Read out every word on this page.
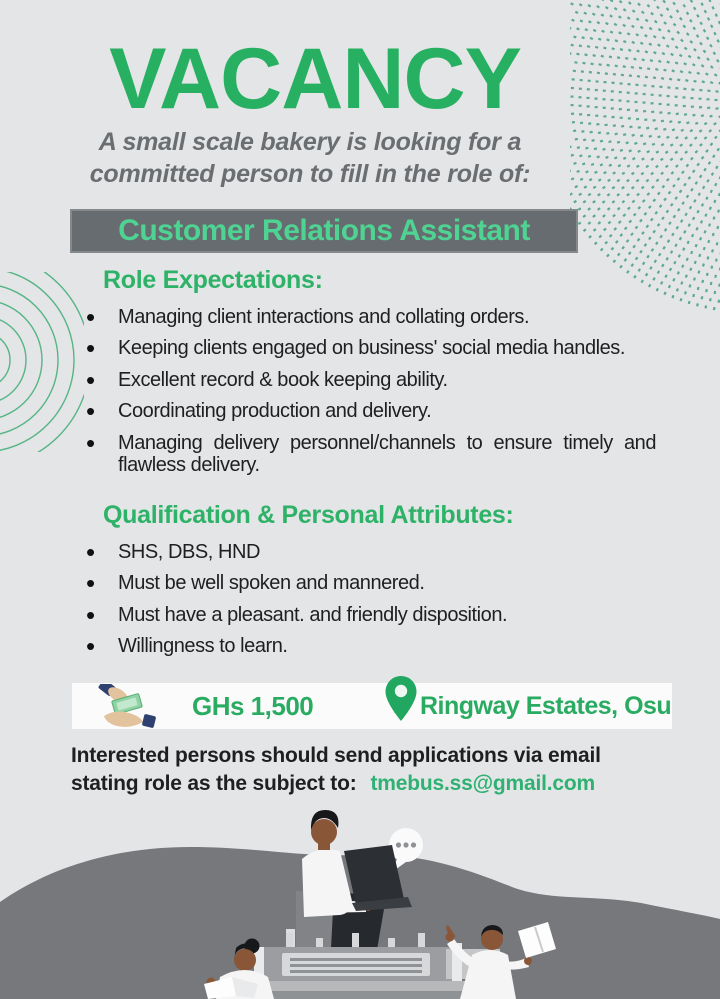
VACANCY

A small scale bakery is looking for a
committed person to fill in the role of:

Customer Relations Assistant
Role Expectations:
• Managing client interactions and collating orders.
• Keeping clients engaged on business' social media handles.
• Excellent record & book keeping ability.
• Coordinating production and delivery.
• Managing delivery personnel/channels to ensure timely and flawless delivery.
Qualification & Personal Attributes:
• SHS, DBS, HND
• Must be well spoken and mannered.
• Must have a pleasant. and friendly disposition.
• Willingness to learn.
GHs 1,500	Ringway Estates, Osu

Interested persons should send applications via email

stating role as the subject to: tmebus.ss@gmail.com
